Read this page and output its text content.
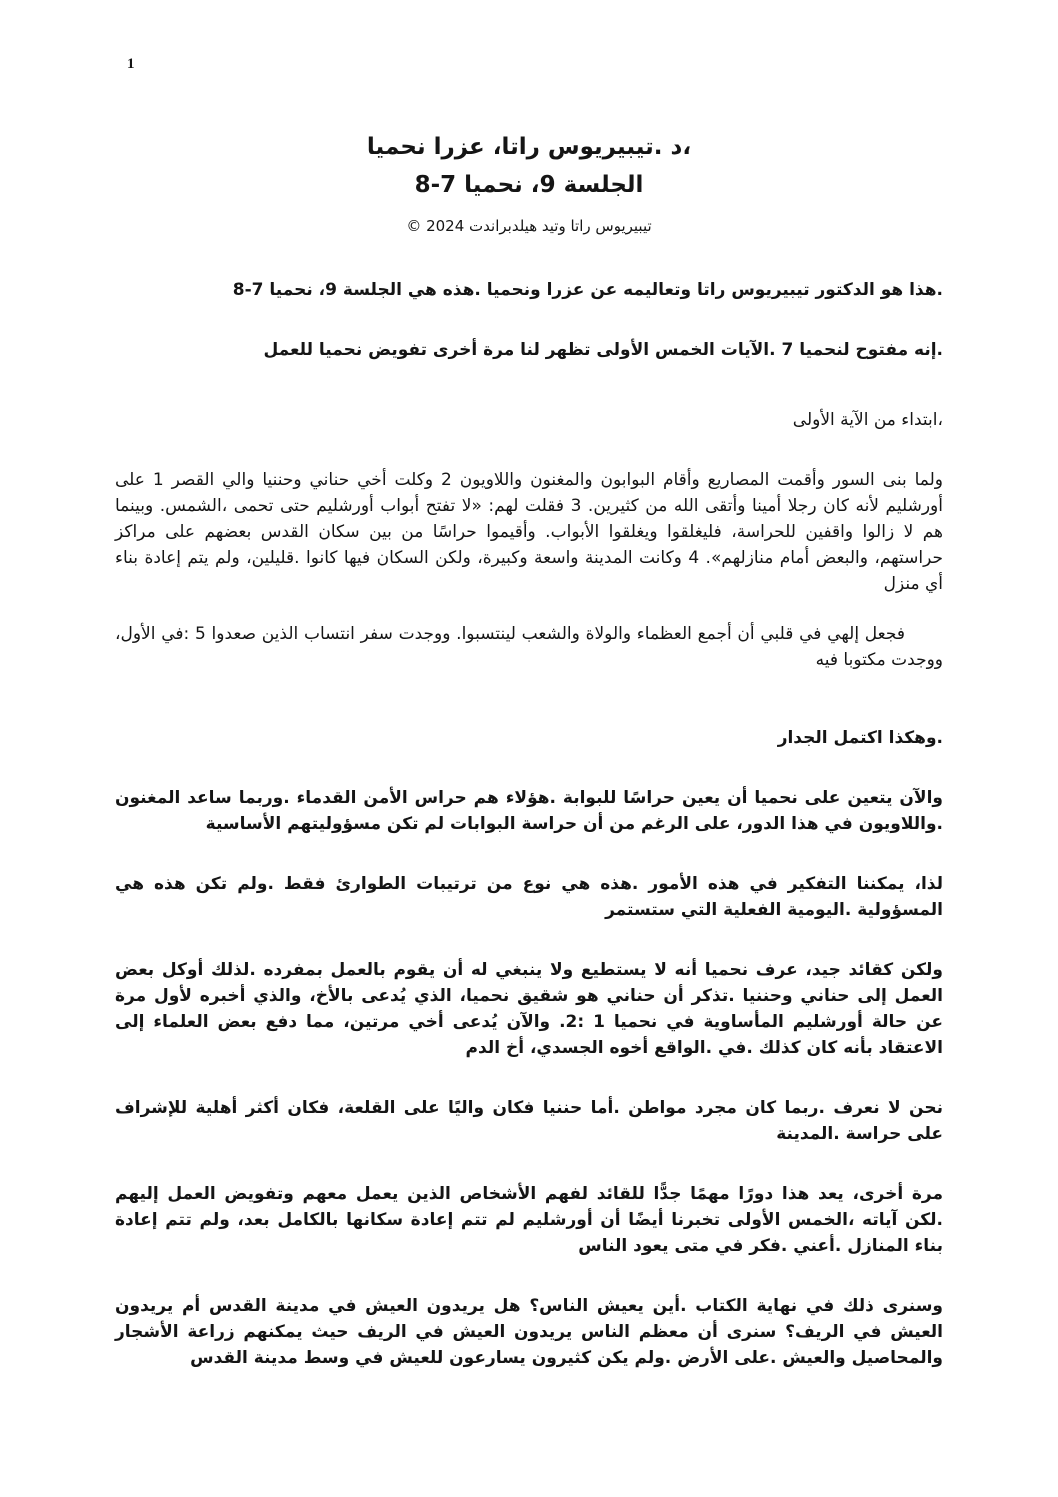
1
،د .تيبيريوس راتا، عزرا نحميا
الجلسة 9، نحميا 7-8
تيبيريوس راتا وتيد هيلدبراندت 2024 ©

.هذا هو الدكتور تيبيريوس راتا وتعاليمه عن عزرا ونحميا .هذه هي الجلسة 9، نحميا 7-8

.إنه مفتوح لنحميا 7 .الآيات الخمس الأولى تظهر لنا مرة أخرى تفويض نحميا للعمل

،ابتداء من الآية الأولى

ولما بنى السور وأقمت المصاريع وأقام البوابون والمغنون واللاويون 2 وكلت أخي حناني وحننيا والي القصر 1 على أورشليم لأنه كان رجلا أمينا وأتقى الله من كثيرين. 3 فقلت لهم: «لا تفتح أبواب أورشليم حتى تحمى ،الشمس. وبينما هم لا زالوا واقفين للحراسة، فليغلقوا ويغلقوا الأبواب. وأقيموا حراسًا من بين سكان القدس بعضهم على مراكز حراستهم، والبعض أمام منازلهم». 4 وكانت المدينة واسعة وكبيرة، ولكن السكان فيها كانوا .قليلين، ولم يتم إعادة بناء أي منزل

فجعل إلهي في قلبي أن أجمع العظماء والولاة والشعب لينتسبوا. ووجدت سفر انتساب الذين صعدوا 5 :في الأول، ووجدت مكتوبا فيه

.وهكذا اكتمل الجدار

والآن يتعين على نحميا أن يعين حراسًا للبوابة .هؤلاء هم حراس الأمن القدماء .وربما ساعد المغنون .واللاويون في هذا الدور، على الرغم من أن حراسة البوابات لم تكن مسؤوليتهم الأساسية

لذا، يمكننا التفكير في هذه الأمور .هذه هي نوع من ترتيبات الطوارئ فقط .ولم تكن هذه هي المسؤولية .اليومية الفعلية التي ستستمر

ولكن كقائد جيد، عرف نحميا أنه لا يستطيع ولا ينبغي له أن يقوم بالعمل بمفرده .لذلك أوكل بعض العمل إلى حناني وحننيا .تذكر أن حناني هو شقيق نحميا، الذي يُدعى بالأخ، والذي أخبره لأول مرة عن حالة أورشليم المأساوية في نحميا 1 :2. والآن يُدعى أخي مرتين، مما دفع بعض العلماء إلى الاعتقاد بأنه كان كذلك .في .الواقع أخوه الجسدي، أخ الدم

نحن لا نعرف .ربما كان مجرد مواطن .أما حننيا فكان واليًا على القلعة، فكان أكثر أهلية للإشراف على حراسة .المدينة

مرة أخرى، يعد هذا دورًا مهمًا جدًّا للقائد لفهم الأشخاص الذين يعمل معهم وتفويض العمل إليهم .لكن آياته ،الخمس الأولى تخبرنا أيضًا أن أورشليم لم تتم إعادة سكانها بالكامل بعد، ولم تتم إعادة بناء المنازل .أعني .فكر في متى يعود الناس

وسنرى ذلك في نهاية الكتاب .أين يعيش الناس؟ هل يريدون العيش في مدينة القدس أم يريدون العيش في الريف؟ سنرى أن معظم الناس يريدون العيش في الريف حيث يمكنهم زراعة الأشجار والمحاصيل والعيش .على الأرض .ولم يكن كثيرون يسارعون للعيش في وسط مدينة القدس
